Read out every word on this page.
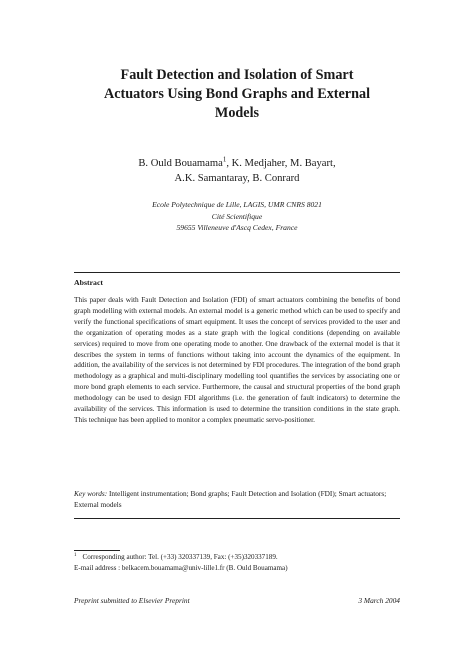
Fault Detection and Isolation of Smart
Actuators Using Bond Graphs and External
Models
B. Ould Bouamama$^1$, K. Medjaher, M. Bayart,
A.K. Samantaray, B. Conrard
Ecole Polytechnique de Lille, LAGIS, UMR CNRS 8021
Cité Scientifique
59655 Villeneuve d'Ascq Cedex, France
Abstract
This paper deals with Fault Detection and Isolation (FDI) of smart actuators combining the benefits of bond graph modelling with external models. An external model is a generic method which can be used to specify and verify the functional specifications of smart equipment. It uses the concept of services provided to the user and the organization of operating modes as a state graph with the logical conditions (depending on available services) required to move from one operating mode to another. One drawback of the external model is that it describes the system in terms of functions without taking into account the dynamics of the equipment. In addition, the availability of the services is not determined by FDI procedures. The integration of the bond graph methodology as a graphical and multi-disciplinary modelling tool quantifies the services by associating one or more bond graph elements to each service. Furthermore, the causal and structural properties of the bond graph methodology can be used to design FDI algorithms (i.e. the generation of fault indicators) to determine the availability of the services. This information is used to determine the transition conditions in the state graph. This technique has been applied to monitor a complex pneumatic servo-positioner.
Key words: Intelligent instrumentation; Bond graphs; Fault Detection and Isolation (FDI); Smart actuators; External models
$^1$ Corresponding author: Tel. (+33) 320337139, Fax: (+35)320337189.
E-mail address : belkacem.bouamama@univ-lille1.fr (B. Ould Bouamama)
Preprint submitted to Elsevier Preprint	3 March 2004
